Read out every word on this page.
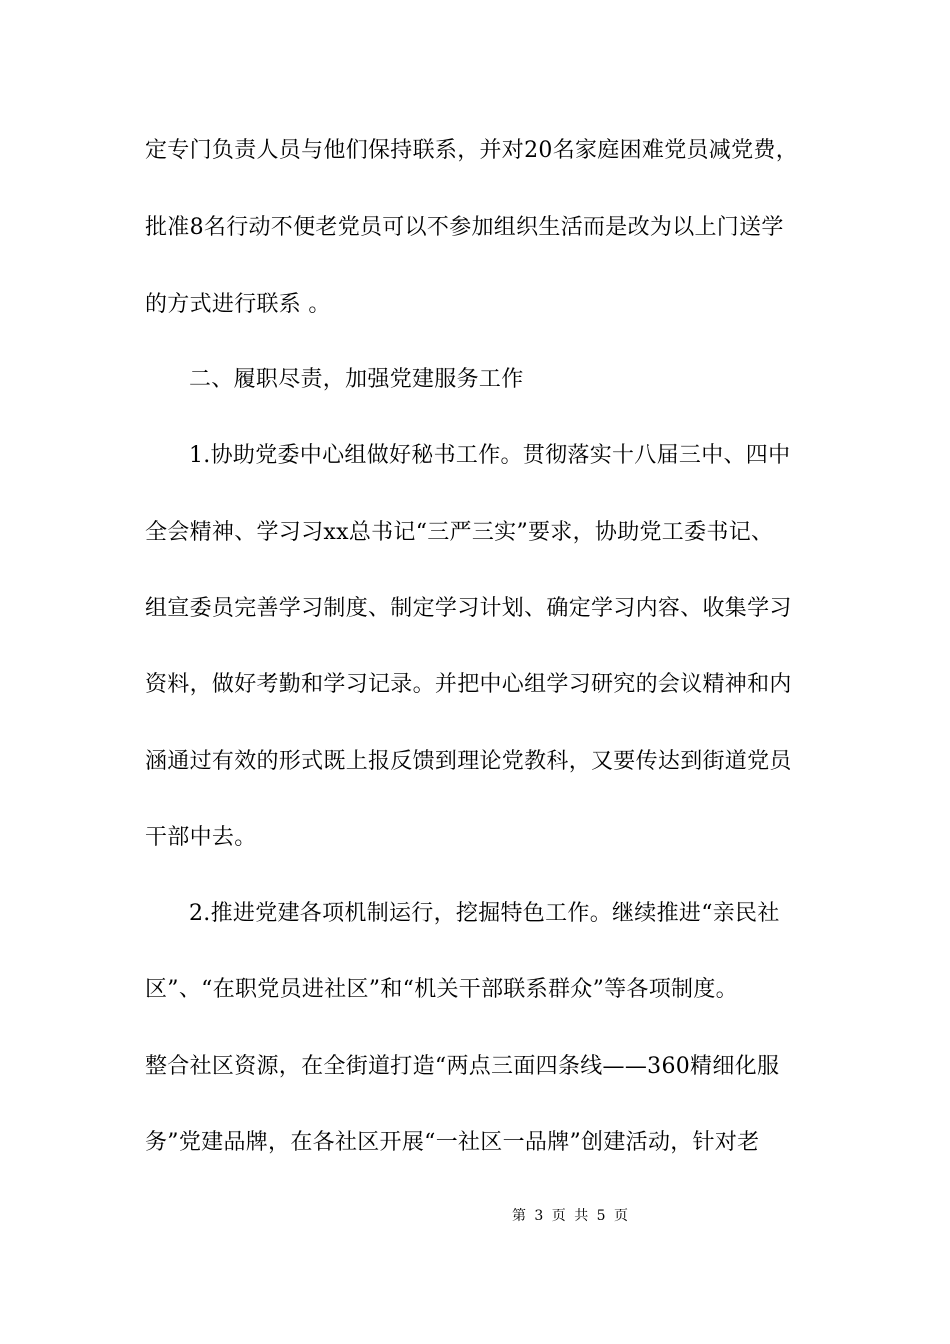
定专门负责人员与他们保持联系，并对20名家庭困难党员减党费，
批准8名行动不便老党员可以不参加组织生活而是改为以上门送学
的方式进行联系 。
二、履职尽责，加强党建服务工作
1.协助党委中心组做好秘书工作。贯彻落实十八届三中、四中
全会精神、学习习xx总书记“三严三实”要求，协助党工委书记、
组宣委员完善学习制度、制定学习计划、确定学习内容、收集学习
资料，做好考勤和学习记录。并把中心组学习研究的会议精神和内
涵通过有效的形式既上报反馈到理论党教科，又要传达到街道党员
干部中去。
2.推进党建各项机制运行，挖掘特色工作。继续推进“亲民社
区”、“在职党员进社区”和“机关干部联系群众”等各项制度。
整合社区资源，在全街道打造“两点三面四条线——360精细化服
务”党建品牌，在各社区开展“一社区一品牌”创建活动，针对老
第 3 页 共 5 页
